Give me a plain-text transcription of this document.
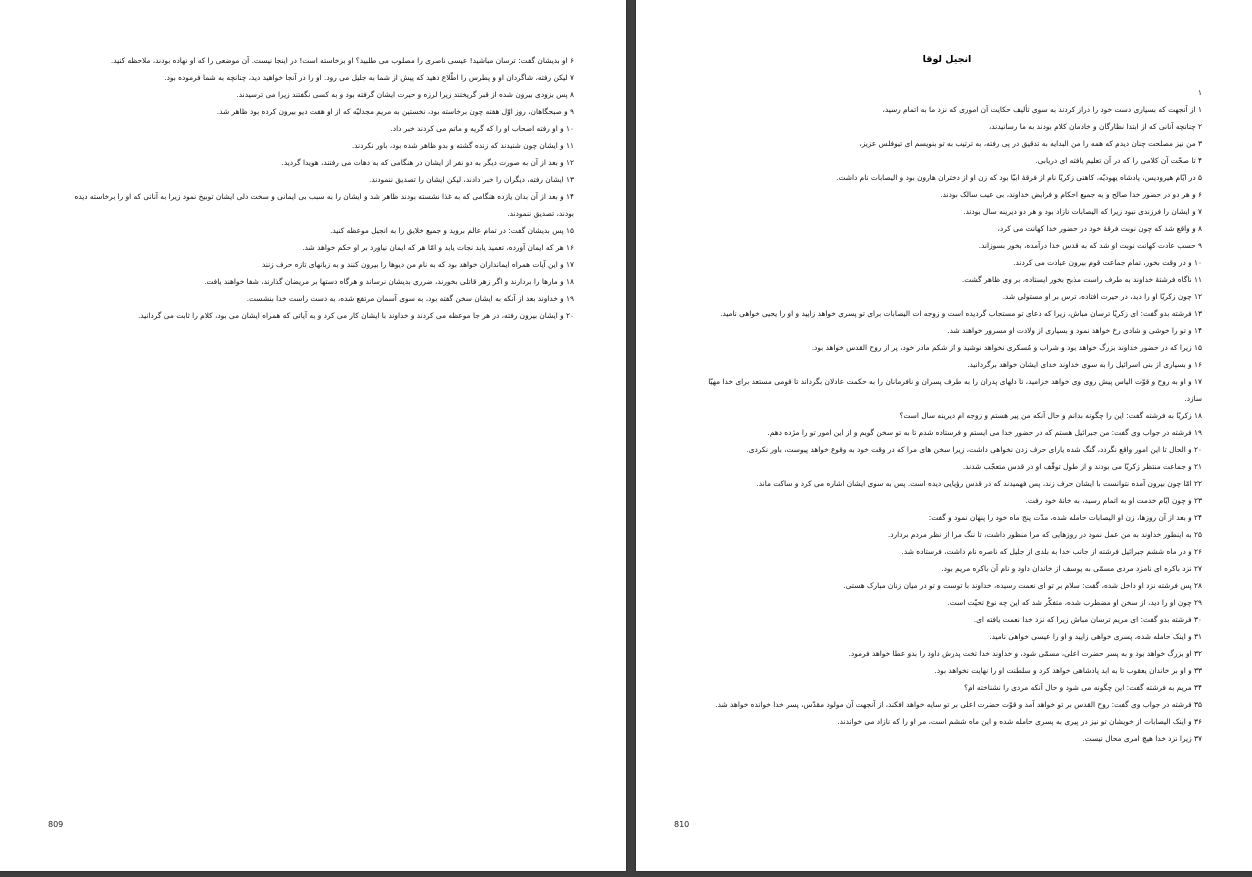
۶ او بدیشان گفت: ترسان مباشید! عیسی ناصری را مصلوب می طلبید؟ او برخاسته است! در اینجا نیست. آن موضعی را که او نهاده بودند، ملاحظه کنید.
۷ لیکن رفته، شاگردان او و پطرس را اطّلاع دهید که پیش از شما به جلیل می رود. او را در آنجا خواهید دید، چنانچه به شما فرموده بود.
۸ پس بزودی بیرون شده از قبر گریختند زیرا لرزه و حیرت ایشان گرفته بود و به کسی نگفتند زیرا می ترسیدند.
۹ و صبحگاهان، روز اوّل هفته چون برخاسته بود، نخستین به مریم مجدلیّه که از او هفت دیو بیرون کرده بود ظاهر شد.
۱۰ و او رفته اصحاب او را که گریه و ماتم می کردند خبر داد.
۱۱ و ایشان چون شنیدند که زنده گشته و بدو ظاهر شده بود، باور نکردند.
۱۲ و بعد از آن به صورت دیگر به دو نفر از ایشان در هنگامی که به دهات می رفتند، هویدا گردید.
۱۳ ایشان رفته، دیگران را خبر دادند، لیکن ایشان را تصدیق ننمودند.
۱۴ و بعد از آن بدان یازده هنگامی که به غذا نشسته بودند ظاهر شد و ایشان را به سبب بی ایمانی و سخت دلی ایشان توبیخ نمود زیرا به آنانی که او را برخاسته دیده بودند، تصدیق ننمودند.
۱۵ پس بدیشان گفت: در تمام عالم بروید و جمیع خلایق را به انجیل موعظه کنید.
۱۶ هر که ایمان آورده، تعمید یابد نجات یابد و امّا هر که ایمان نیاورد بر او حکم خواهد شد.
۱۷ و این آیات همراه ایمانداران خواهد بود که به نام من دیوها را بیرون کنند و به زبانهای تازه حرف زنند
۱۸ و مارها را بردارند و اگر زهر قاتلی بخورند، ضرری بدیشان نرساند و هرگاه دستها بر مریضان گذارند، شفا خواهند یافت.
۱۹ و خداوند بعد از آنکه به ایشان سخن گفته بود، به سوی آسمان مرتفع شده، به دست راست خدا بنشست.
۲۰ و ایشان بیرون رفته، در هر جا موعظه می کردند و خداوند با ایشان کار می کرد و به آیاتی که همراه ایشان می بود، کلام را ثابت می گردانید.
809
انجیل لوقا
۱
۱ از آنجهت که بسیاری دست خود را دراز کردند به سوی تألیف حکایت آن اموری که نزد ما به اتمام رسید،
۲ چنانچه آنانی که از ابتدا نظارگان و خادمان کلام بودند به ما رسانیدند،
۳ من نیز مصلحت چنان دیدم که همه را من البدایه به تدقیق در پی رفته، به ترتیب به تو بنویسم ای تیوفلس عزیز،
۴ تا صحّت آن کلامی را که در آن تعلیم یافته ای دریابی.
۵ در ایّام هیرودیس، پادشاه یهودیّه، کاهنی زکریّا نام از فرقهٔ ابیّا بود که زن او از دختران هارون بود و الیصابات نام داشت.
۶ و هر دو در حضور خدا صالح و به جمیع احکام و فرایض خداوند، بی عیب سالک بودند.
۷ و ایشان را فرزندی نبود زیرا که الیصابات نازاد بود و هر دو دیرینه سال بودند.
۸ و واقع شد که چون نوبت فرقهٔ خود در حضور خدا کهانت می کرد،
۹ حسب عادت کهانت نوبت او شد که به قدس خدا درآمده، بخور بسوزاند.
۱۰ و در وقت بخور، تمام جماعت قوم بیرون عبادت می کردند.
۱۱ ناگاه فرشتهٔ خداوند به طرف راست مذبح بخور ایستاده، بر وی ظاهر گشت.
۱۲ چون زکریّا او را دید، در حیرت افتاده، ترس بر او مستولی شد.
۱۳ فرشته بدو گفت: ای زکریّا ترسان مباش، زیرا که دعای تو مستجاب گردیده است و زوجه ات الیصابات برای تو پسری خواهد زایید و او را یحیی خواهی نامید.
۱۴ و تو را خوشی و شادی رخ خواهد نمود و بسیاری از ولادت او مسرور خواهند شد.
۱۵ زیرا که در حضور خداوند بزرگ خواهد بود و شراب و مُسکری نخواهد نوشید و از شکم مادر خود، پر از روح القدس خواهد بود.
۱۶ و بسیاری از بنی اسرائیل را به سوی خداوند خدای ایشان خواهد برگردانید.
۱۷ و او به روح و قوّت الیاس پیش روی وی خواهد خرامید، تا دلهای پدران را به طرف پسران و نافرمانان را به حکمت عادلان بگرداند تا قومی مستعد برای خدا مهیّا سازد.
۱۸ زکریّا به فرشته گفت: این را چگونه بدانم و حال آنکه من پیر هستم و زوجه ام دیرینه سال است؟
۱۹ فرشته در جواب وی گفت: من جبرائیل هستم که در حضور خدا می ایستم و فرستاده شدم تا به تو سخن گویم و از این امور تو را مژده دهم.
۲۰ و الحال تا این امور واقع نگردد، گنگ شده یارای حرف زدن نخواهی داشت، زیرا سخن های مرا که در وقت خود به وقوع خواهد پیوست، باور نکردی.
۲۱ و جماعت منتظر زکریّا می بودند و از طول توقّف او در قدس متعجّب شدند.
۲۲ امّا چون بیرون آمده نتوانست با ایشان حرف زند، پس فهمیدند که در قدس رؤیایی دیده است. پس به سوی ایشان اشاره می کرد و ساکت ماند.
۲۳ و چون ایّام خدمت او به اتمام رسید، به خانهٔ خود رفت.
۲۴ و بعد از آن روزها، زن او الیصابات حامله شده، مدّت پنج ماه خود را پنهان نمود و گفت:
۲۵ به اینطور خداوند به من عمل نمود در روزهایی که مرا منظور داشت، تا ننگ مرا از نظر مردم بردارد.
۲۶ و در ماه ششم جبرائیل فرشته از جانب خدا به بلدی از جلیل که ناصره نام داشت، فرستاده شد.
۲۷ نزد باکره ای نامزد مردی مسمّی به یوسف از خاندان داود و نام آن باکره مریم بود.
۲۸ پس فرشته نزد او داخل شده، گفت: سلام بر تو ای نعمت رسیده، خداوند با توست و تو در میان زنان مبارک هستی.
۲۹ چون او را دید، از سخن او مضطرب شده، متفکّر شد که این چه نوع تحیّت است.
۳۰ فرشته بدو گفت: ای مریم ترسان مباش زیرا که نزد خدا نعمت یافته ای.
۳۱ و اینک حامله شده، پسری خواهی زایید و او را عیسی خواهی نامید.
۳۲ او بزرگ خواهد بود و به پسر حضرت اعلی، مسمّی شود، و خداوند خدا تخت پدرش داود را بدو عطا خواهد فرمود.
۳۳ و او بر خاندان یعقوب تا به ابد پادشاهی خواهد کرد و سلطنت او را نهایت نخواهد بود.
۳۴ مریم به فرشته گفت: این چگونه می شود و حال آنکه مردی را نشناخته ام؟
۳۵ فرشته در جواب وی گفت: روح القدس بر تو خواهد آمد و قوّت حضرت اعلی بر تو سایه خواهد افکند، از آنجهت آن مولود مقدّس، پسر خدا خوانده خواهد شد.
۳۶ و اینک الیصابات از خویشان تو نیز در پیری به پسری حامله شده و این ماه ششم است، مر او را که نازاد می خواندند.
۳۷ زیرا نزد خدا هیچ امری محال نیست.
810
